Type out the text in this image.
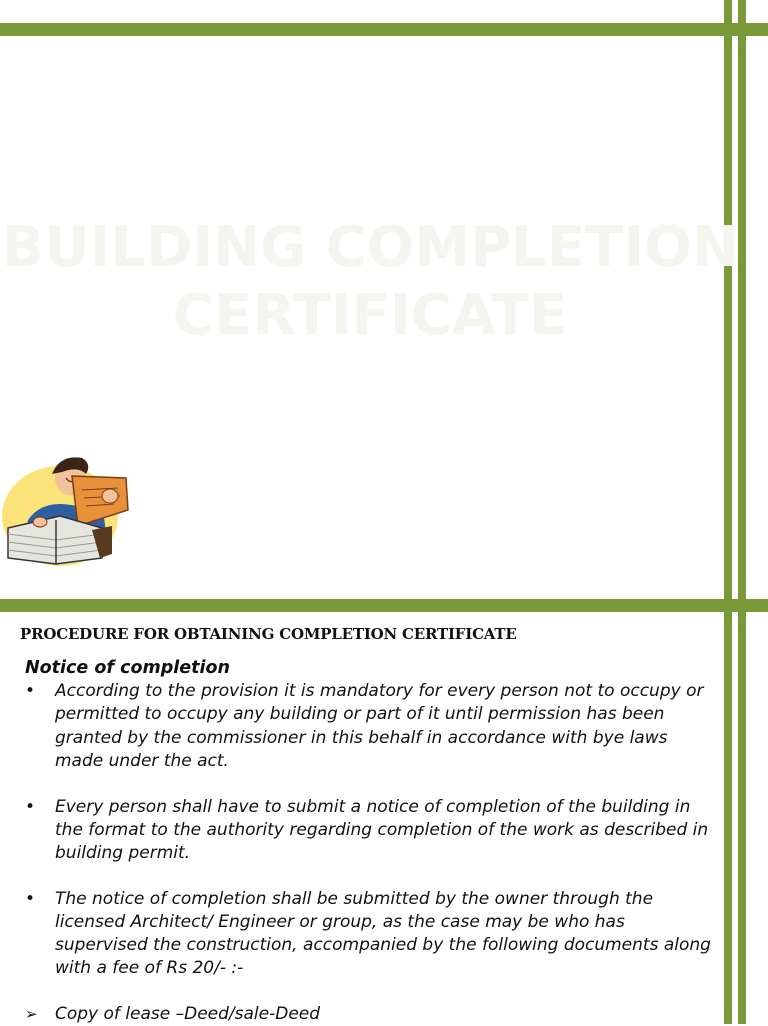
BUILDING COMPLETION
CERTIFICATE
PROCEDURE FOR OBTAINING COMPLETION CERTIFICATE
Notice of completion
• According to the provision it is mandatory for every person not to occupy or permitted to occupy any building or part of it until permission has been granted by the commissioner in this behalf in accordance with bye laws made under the act.
• Every person shall have to submit a notice of completion of the building in the format to the authority regarding completion of the work as described in building permit.
• The notice of completion shall be submitted by the owner through the licensed Architect/ Engineer or group, as the case may be who has supervised the construction, accompanied by the following documents along with a fee of Rs 20/- :-
➢ Copy of lease –Deed/sale-Deed
